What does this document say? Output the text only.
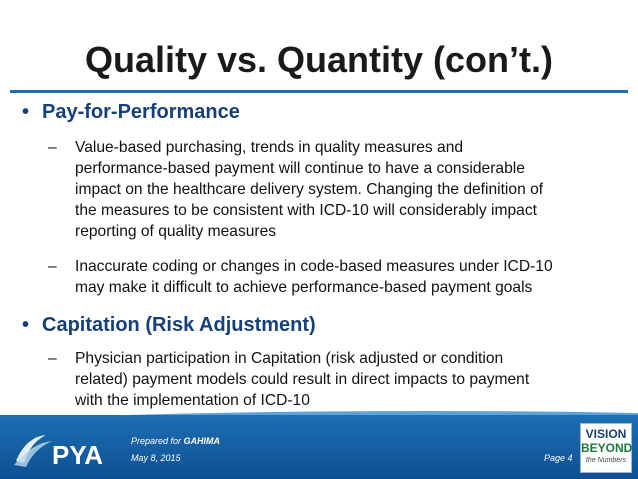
Quality vs. Quantity (con’t.)
• Pay-for-Performance
– Value-based purchasing, trends in quality measures and
performance-based payment will continue to have a considerable
impact on the healthcare delivery system. Changing the definition of
the measures to be consistent with ICD-10 will considerably impact
reporting of quality measures
– Inaccurate coding or changes in code-based measures under ICD-10
may make it difficult to achieve performance-based payment goals
• Capitation (Risk Adjustment)
– Physician participation in Capitation (risk adjusted or condition
related) payment models could result in direct impacts to payment
with the implementation of ICD-10
PYA	Prepared for GAHIMA
May 8, 2015	Page 4
VISION
BEYOND
the Numbers
